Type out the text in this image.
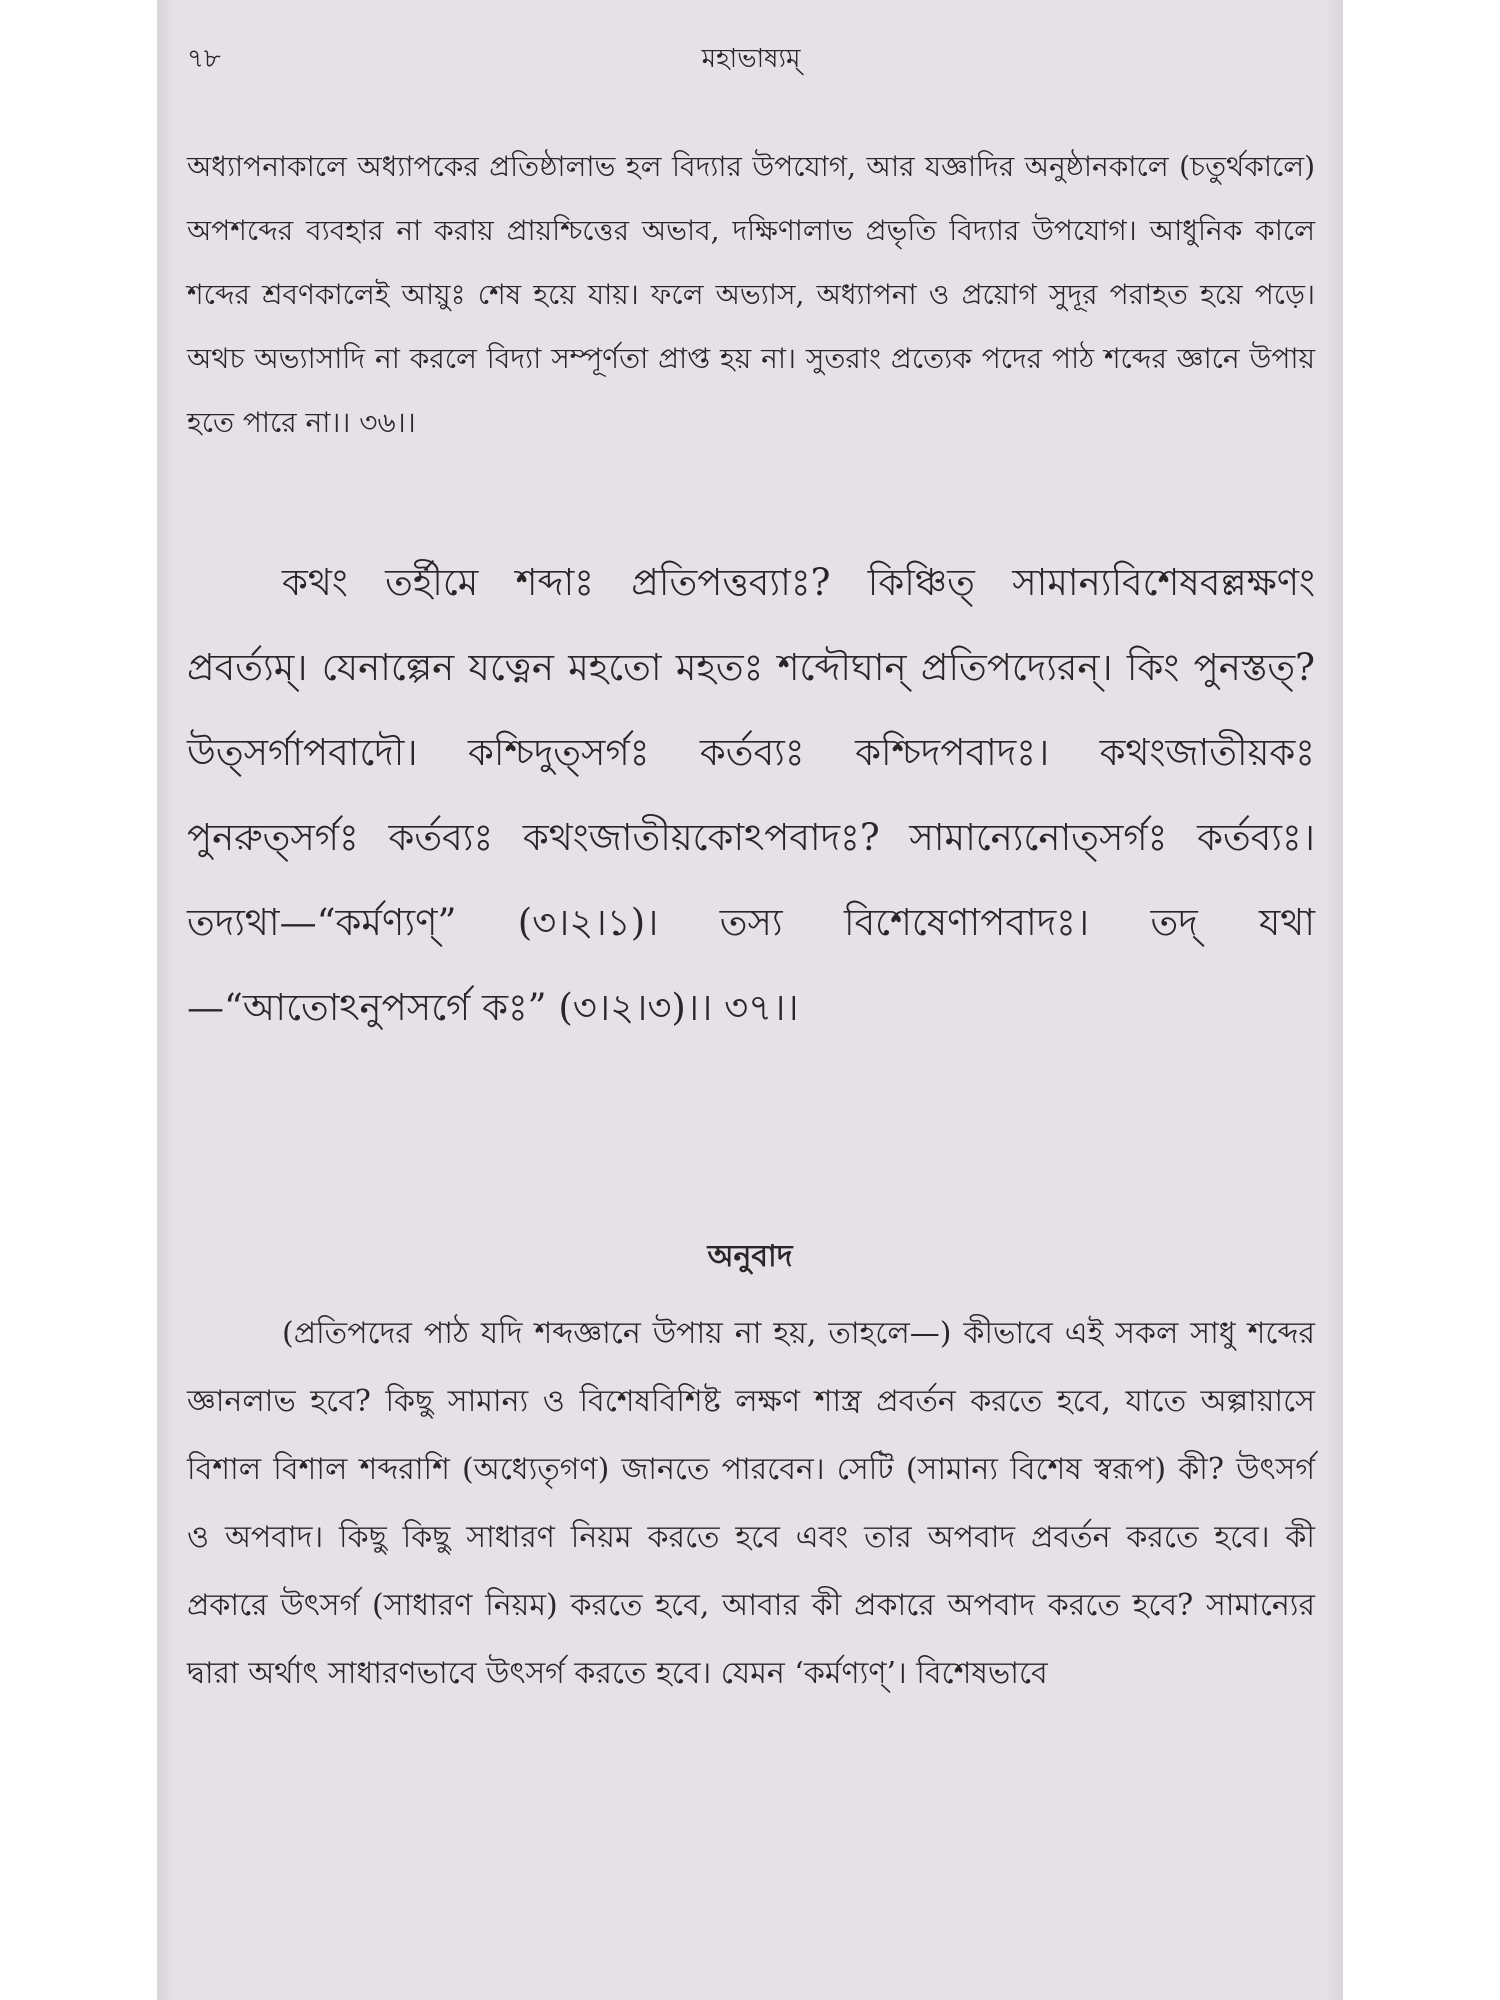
৭৮	মহাভাষ্যম্

অধ্যাপনাকালে অধ্যাপকের প্রতিষ্ঠালাভ হল বিদ্যার উপযোগ, আর যজ্ঞাদির অনুষ্ঠানকালে (চতুর্থকালে) অপশব্দের ব্যবহার না করায় প্রায়শ্চিত্তের অভাব, দক্ষিণালাভ প্রভৃতি বিদ্যার উপযোগ। আধুনিক কালে শব্দের শ্রবণকালেই আয়ুঃ শেষ হয়ে যায়। ফলে অভ্যাস, অধ্যাপনা ও প্রয়োগ সুদূর পরাহত হয়ে পড়ে। অথচ অভ্যাসাদি না করলে বিদ্যা সম্পূর্ণতা প্রাপ্ত হয় না। সুতরাং প্রত্যেক পদের পাঠ শব্দের জ্ঞানে উপায় হতে পারে না।। ৩৬।।

কথং তর্হীমে শব্দাঃ প্রতিপত্তব্যাঃ? কিঞ্চিত্ সামান্যবিশেষবল্লক্ষণং প্রবর্ত্যম্। যেনাল্পেন যত্নেন মহতো মহতঃ শব্দৌঘান্ প্রতিপদ্যেরন্। কিং পুনস্তত্? উত্সর্গাপবাদৌ। কশ্চিদুত্সর্গঃ কর্তব্যঃ কশ্চিদপবাদঃ। কথংজাতীয়কঃ পুনরুত্সর্গঃ কর্তব্যঃ কথংজাতীয়কোঽপবাদঃ? সামান্যেনোত্সর্গঃ কর্তব্যঃ। তদ্যথা—“কর্মণ্যণ্” (৩।২।১)। তস্য বিশেষেণাপবাদঃ। তদ্ যথা—“আতোঽনুপসর্গে কঃ” (৩।২।৩)।। ৩৭।।

অনুবাদ

(প্রতিপদের পাঠ যদি শব্দজ্ঞানে উপায় না হয়, তাহলে—) কীভাবে এই সকল সাধু শব্দের জ্ঞানলাভ হবে? কিছু সামান্য ও বিশেষবিশিষ্ট লক্ষণ শাস্ত্র প্রবর্তন করতে হবে, যাতে অল্পায়াসে বিশাল বিশাল শব্দরাশি (অধ্যেতৃগণ) জানতে পারবেন। সেটি (সামান্য বিশেষ স্বরূপ) কী? উৎসর্গ ও অপবাদ। কিছু কিছু সাধারণ নিয়ম করতে হবে এবং তার অপবাদ প্রবর্তন করতে হবে। কী প্রকারে উৎসর্গ (সাধারণ নিয়ম) করতে হবে, আবার কী প্রকারে অপবাদ করতে হবে? সামান্যের দ্বারা অর্থাৎ সাধারণভাবে উৎসর্গ করতে হবে। যেমন ‘কর্মণ্যণ্’। বিশেষভাবে
